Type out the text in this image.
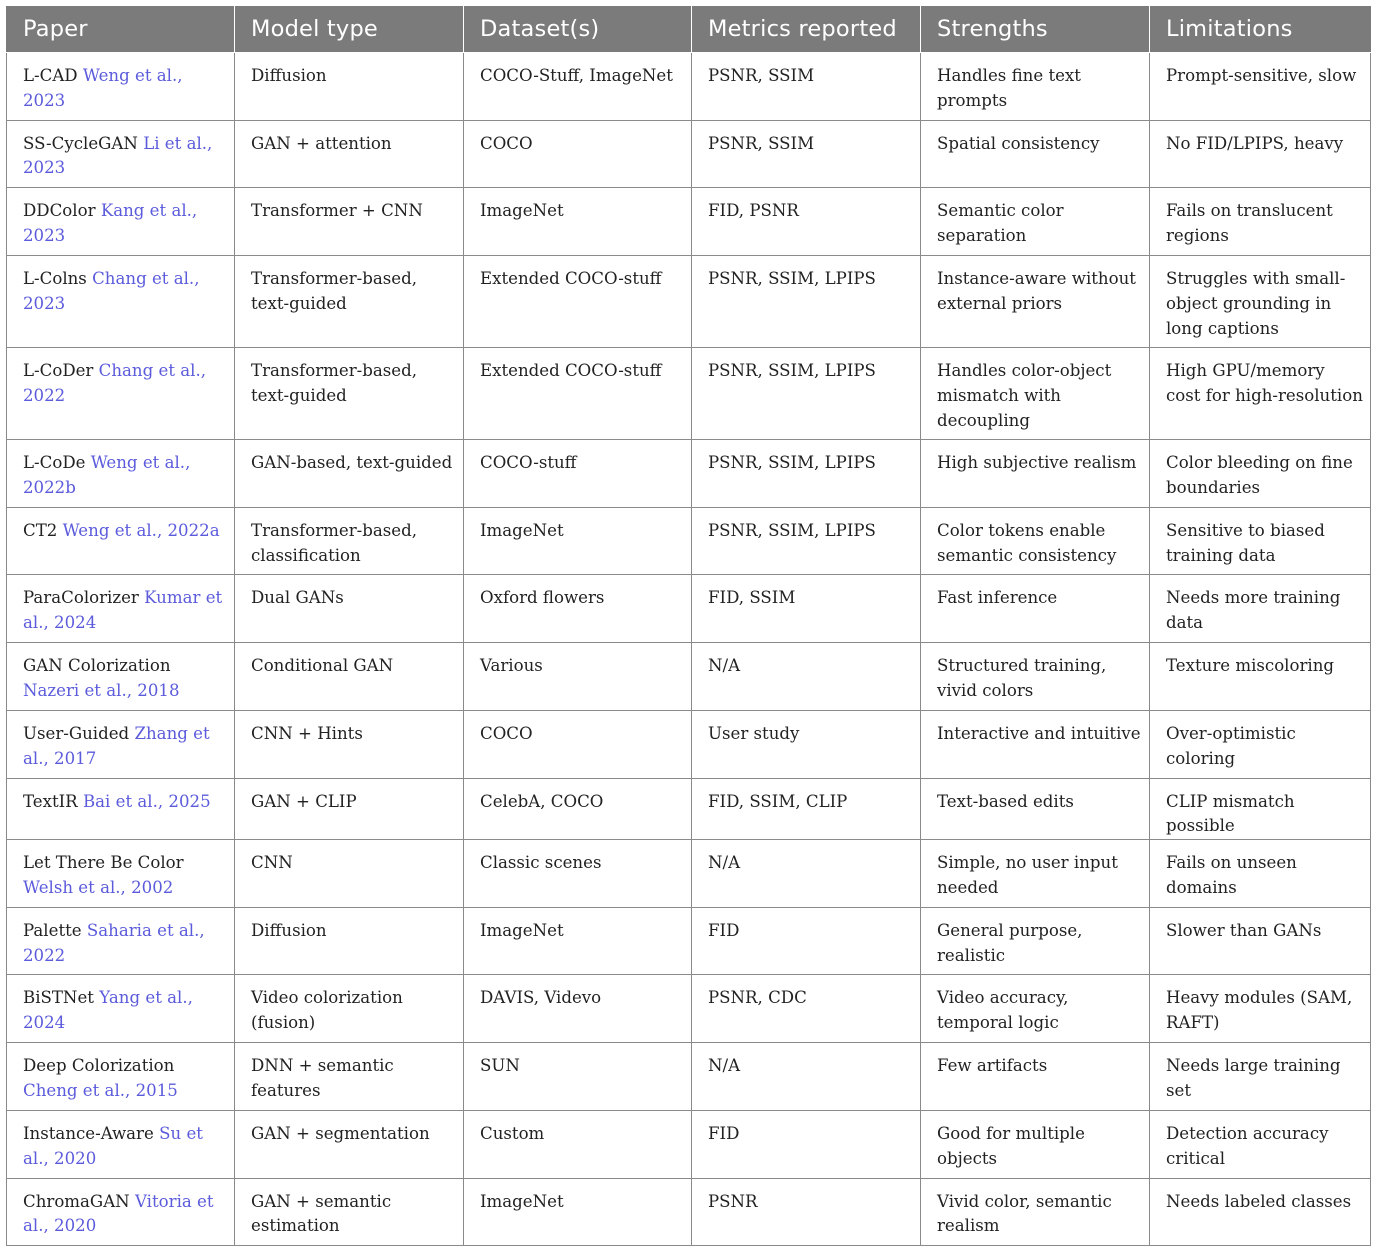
Paper	Model type	Dataset(s)	Metrics reported	Strengths	Limitations
L-CAD Weng et al., 2023	Diffusion	COCO-Stuff, ImageNet	PSNR, SSIM	Handles fine text prompts	Prompt-sensitive, slow
SS-CycleGAN Li et al., 2023	GAN + attention	COCO	PSNR, SSIM	Spatial consistency	No FID/LPIPS, heavy
DDColor Kang et al., 2023	Transformer + CNN	ImageNet	FID, PSNR	Semantic color separation	Fails on translucent regions
L-Colns Chang et al., 2023	Transformer-based, text-guided	Extended COCO-stuff	PSNR, SSIM, LPIPS	Instance-aware without external priors	Struggles with small-object grounding in long captions
L-CoDer Chang et al., 2022	Transformer-based, text-guided	Extended COCO-stuff	PSNR, SSIM, LPIPS	Handles color-object mismatch with decoupling	High GPU/memory cost for high-resolution
L-CoDe Weng et al., 2022b	GAN-based, text-guided	COCO-stuff	PSNR, SSIM, LPIPS	High subjective realism	Color bleeding on fine boundaries
CT2 Weng et al., 2022a	Transformer-based, classification	ImageNet	PSNR, SSIM, LPIPS	Color tokens enable semantic consistency	Sensitive to biased training data
ParaColorizer Kumar et al., 2024	Dual GANs	Oxford flowers	FID, SSIM	Fast inference	Needs more training data
GAN Colorization Nazeri et al., 2018	Conditional GAN	Various	N/A	Structured training, vivid colors	Texture miscoloring
User-Guided Zhang et al., 2017	CNN + Hints	COCO	User study	Interactive and intuitive	Over-optimistic coloring
TextIR Bai et al., 2025	GAN + CLIP	CelebA, COCO	FID, SSIM, CLIP	Text-based edits	CLIP mismatch possible
Let There Be Color Welsh et al., 2002	CNN	Classic scenes	N/A	Simple, no user input needed	Fails on unseen domains
Palette Saharia et al., 2022	Diffusion	ImageNet	FID	General purpose, realistic	Slower than GANs
BiSTNet Yang et al., 2024	Video colorization (fusion)	DAVIS, Videvo	PSNR, CDC	Video accuracy, temporal logic	Heavy modules (SAM, RAFT)
Deep Colorization Cheng et al., 2015	DNN + semantic features	SUN	N/A	Few artifacts	Needs large training set
Instance-Aware Su et al., 2020	GAN + segmentation	Custom	FID	Good for multiple objects	Detection accuracy critical
ChromaGAN Vitoria et al., 2020	GAN + semantic estimation	ImageNet	PSNR	Vivid color, semantic realism	Needs labeled classes
